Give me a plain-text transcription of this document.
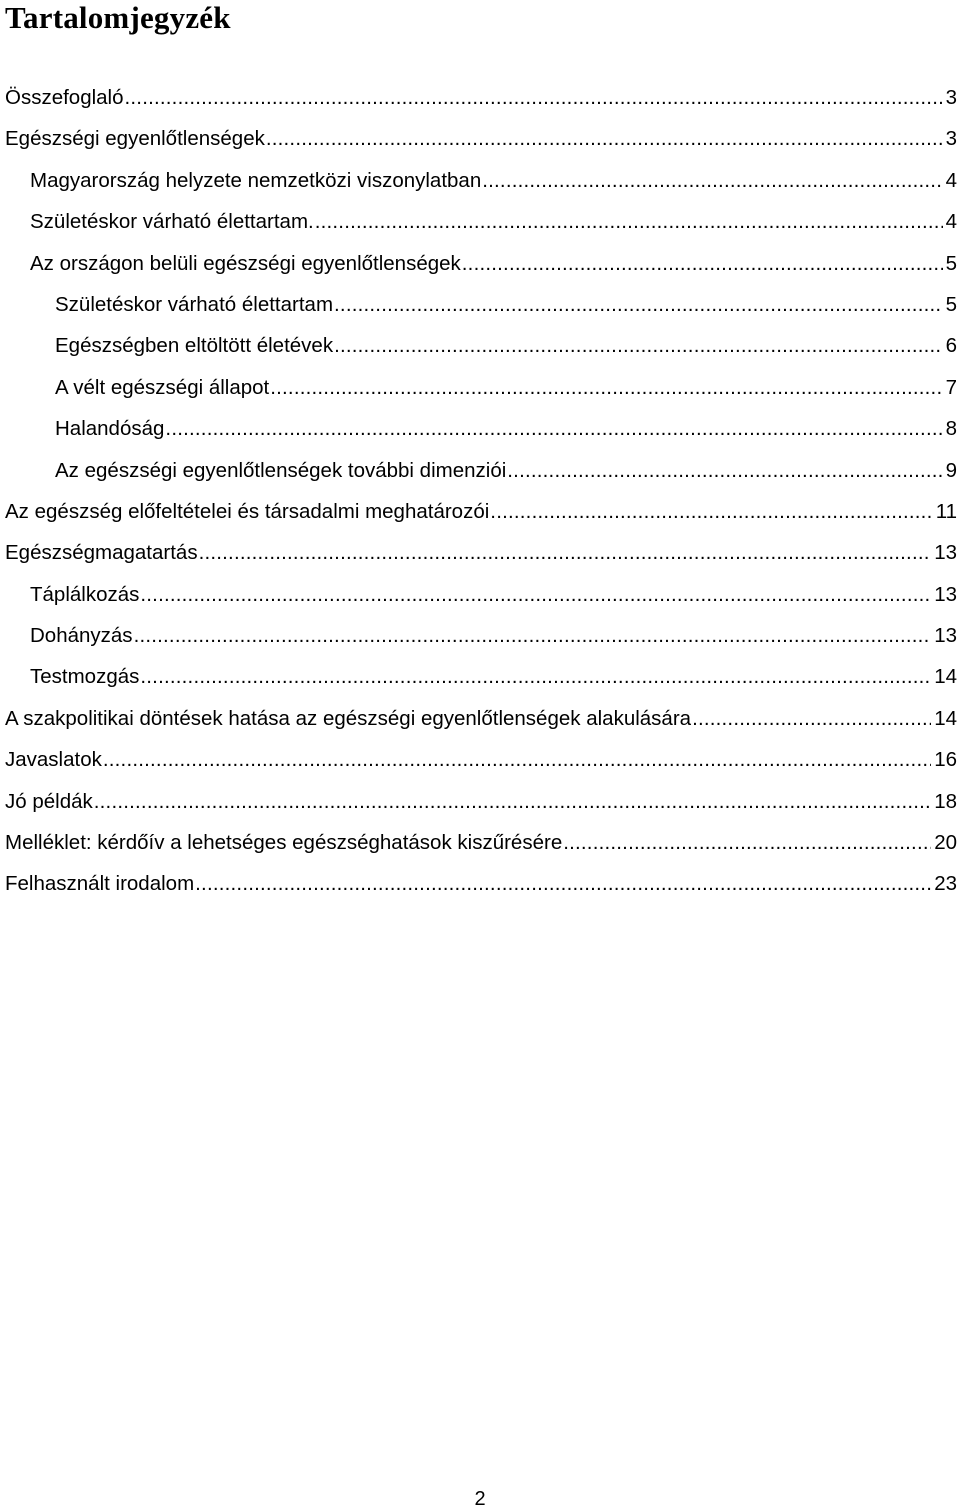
Tartalomjegyzék
Összefoglaló .....	3
Egészségi egyenlőtlenségek .....	3
Magyarország helyzete nemzetközi viszonylatban .....	4
Születéskor várható élettartam. .....	4
Az országon belüli egészségi egyenlőtlenségek .....	5
Születéskor várható élettartam .....	5
Egészségben eltöltött életévek .....	6
A vélt egészségi állapot .....	7
Halandóság .....	8
Az egészségi egyenlőtlenségek további dimenziói .....	9
Az egészség előfeltételei és társadalmi meghatározói .....	11
Egészségmagatartás .....	13
Táplálkozás .....	13
Dohányzás .....	13
Testmozgás .....	14
A szakpolitikai döntések hatása az egészségi egyenlőtlenségek alakulására .....	14
Javaslatok .....	16
Jó példák .....	18
Melléklet: kérdőív a lehetséges egészséghatások kiszűrésére .....	20
Felhasznált irodalom .....	23
2
